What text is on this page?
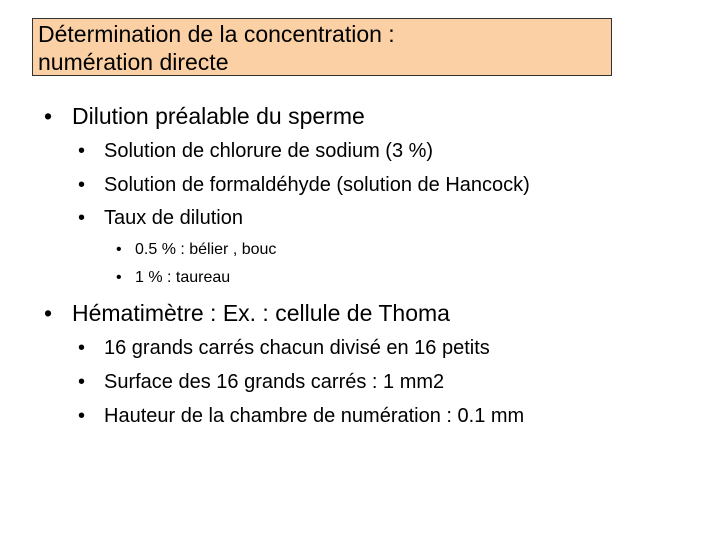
Détermination de la concentration :
numération directe
• Dilution préalable du sperme
• Solution de chlorure de sodium (3 %)
• Solution de formaldéhyde (solution de Hancock)
• Taux de dilution
• 0.5 % : bélier , bouc
• 1 % : taureau
• Hématimètre : Ex. : cellule de Thoma
• 16 grands carrés chacun divisé en 16 petits
• Surface des 16 grands carrés : 1 mm2
• Hauteur de la chambre de numération : 0.1 mm
